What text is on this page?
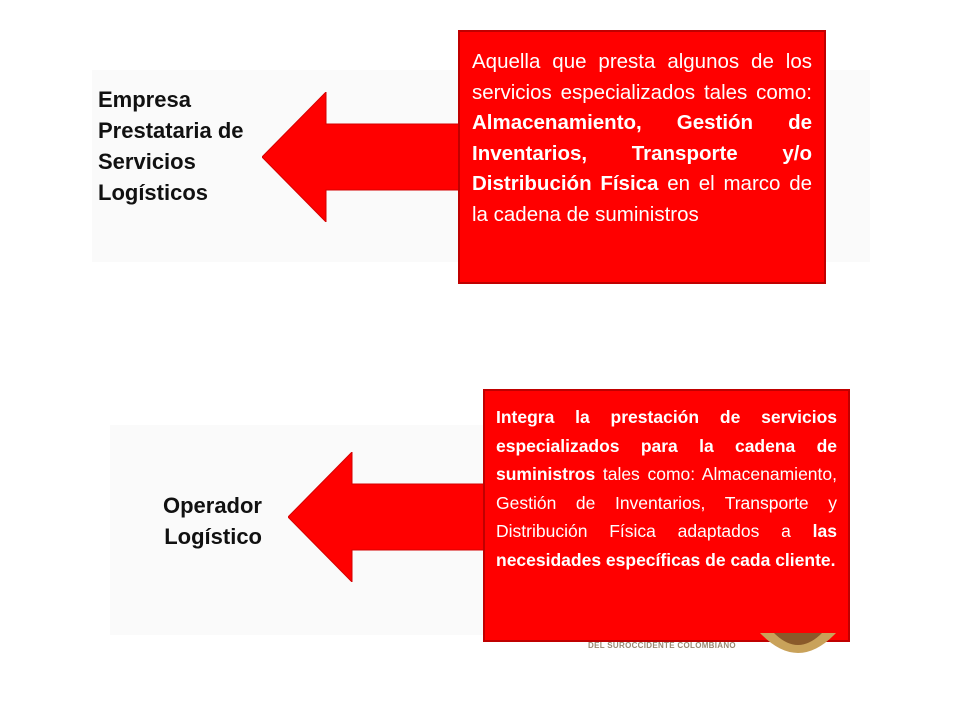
Empresa Prestataria de Servicios Logísticos

Aquella que presta algunos de los servicios especializados tales como: Almacenamiento, Gestión de Inventarios, Transporte y/o Distribución Física en el marco de la cadena de suministros

Operador Logístico

Integra la prestación de servicios especializados para la cadena de suministros tales como: Almacenamiento, Gestión de Inventarios, Transporte y Distribución Física adaptados a las necesidades específicas de cada cliente.

DEL SUROCCIDENTE COLOMBIANO
